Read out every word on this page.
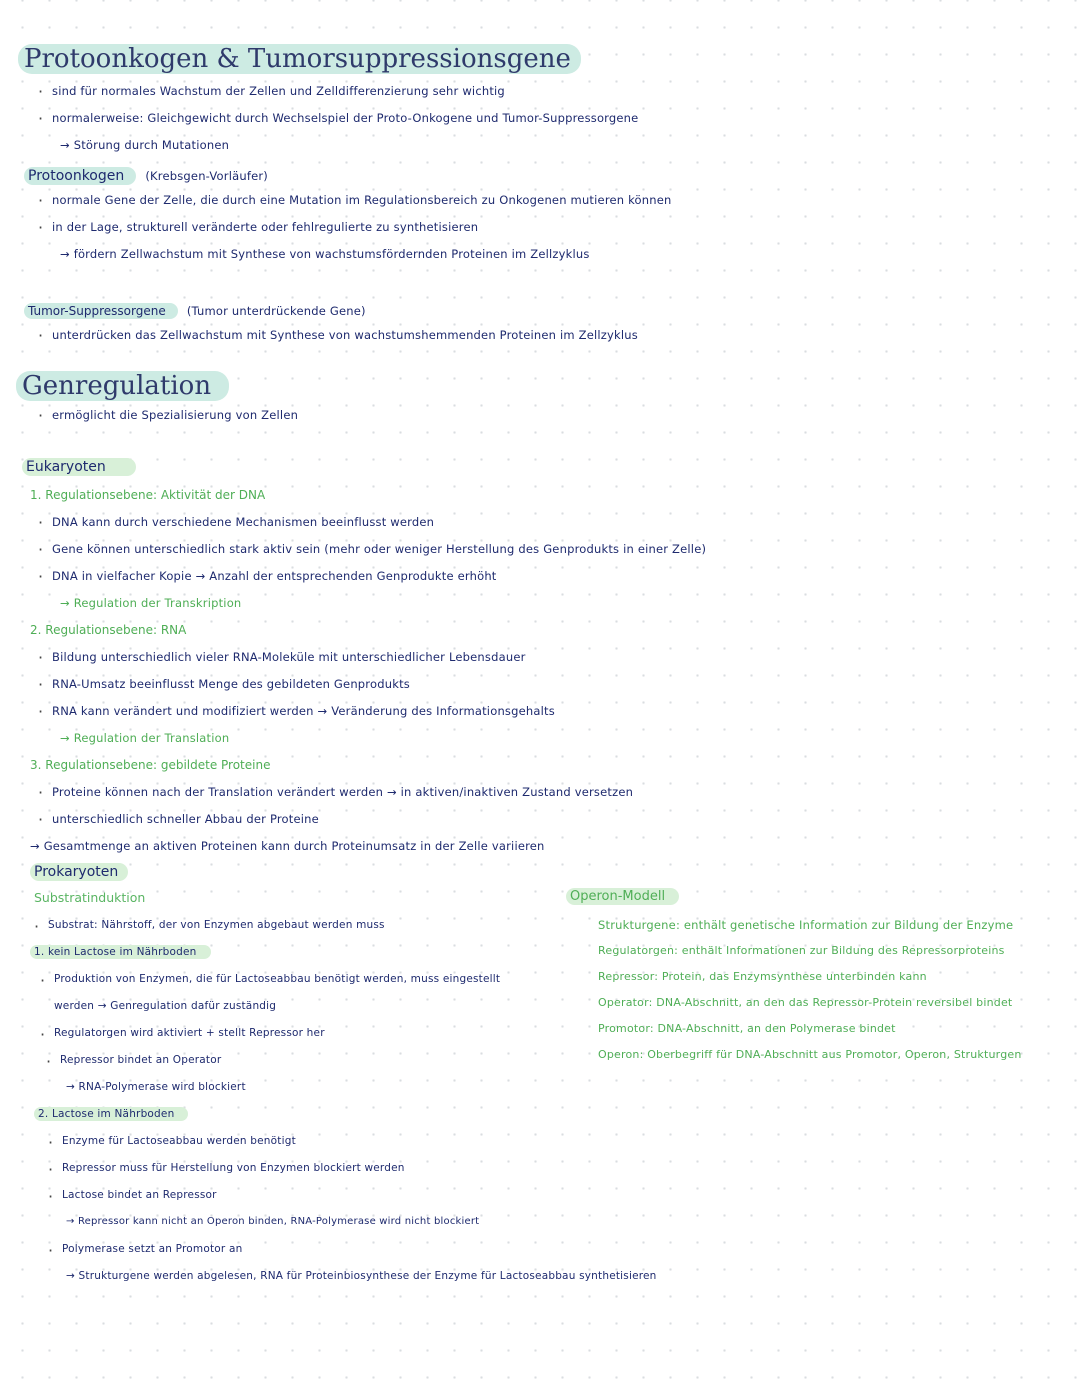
Protoonkogen & Tumorsuppressionsgene
· sind für normales Wachstum der Zellen und Zelldifferenzierung sehr wichtig
· normalerweise: Gleichgewicht durch Wechselspiel der Proto-Onkogene und Tumor-Suppressorgene
→ Störung durch Mutationen
Protoonkogen (Krebsgen-Vorläufer)
· normale Gene der Zelle, die durch eine Mutation im Regulationsbereich zu Onkogenen mutieren können
· in der Lage, strukturell veränderte oder fehlregulierte zu synthetisieren
→ fördern Zellwachstum mit Synthese von wachstumsfördernden Proteinen im Zellzyklus
Tumor-Suppressorgene (Tumor unterdrückende Gene)
· unterdrücken das Zellwachstum mit Synthese von wachstumshemmenden Proteinen im Zellzyklus
Genregulation
· ermöglicht die Spezialisierung von Zellen
Eukaryoten
1. Regulationsebene: Aktivität der DNA
· DNA kann durch verschiedene Mechanismen beeinflusst werden
· Gene können unterschiedlich stark aktiv sein (mehr oder weniger Herstellung des Genprodukts in einer Zelle)
· DNA in vielfacher Kopie → Anzahl der entsprechenden Genprodukte erhöht
→ Regulation der Transkription
2. Regulationsebene: RNA
· Bildung unterschiedlich vieler RNA-Moleküle mit unterschiedlicher Lebensdauer
· RNA-Umsatz beeinflusst Menge des gebildeten Genprodukts
· RNA kann verändert und modifiziert werden → Veränderung des Informationsgehalts
→ Regulation der Translation
3. Regulationsebene: gebildete Proteine
· Proteine können nach der Translation verändert werden → in aktiven/inaktiven Zustand versetzen
· unterschiedlich schneller Abbau der Proteine
→ Gesamtmenge an aktiven Proteinen kann durch Proteinumsatz in der Zelle variieren
Prokaryoten
Substratinduktion
· Substrat: Nährstoff, der von Enzymen abgebaut werden muss
1. kein Lactose im Nährboden
· Produktion von Enzymen, die für Lactoseabbau benötigt werden, muss eingestellt
werden → Genregulation dafür zuständig
· Regulatorgen wird aktiviert + stellt Repressor her
· Repressor bindet an Operator
→ RNA-Polymerase wird blockiert
2. Lactose im Nährboden
· Enzyme für Lactoseabbau werden benötigt
· Repressor muss für Herstellung von Enzymen blockiert werden
· Lactose bindet an Repressor
→ Repressor kann nicht an Operon binden, RNA-Polymerase wird nicht blockiert
· Polymerase setzt an Promotor an
→ Strukturgene werden abgelesen, RNA für Proteinbiosynthese der Enzyme für Lactoseabbau synthetisieren
Operon-Modell
· Strukturgene: enthält genetische Information zur Bildung der Enzyme
· Regulatorgen: enthält Informationen zur Bildung des Repressorproteins
· Repressor: Protein, das Enzymsynthese unterbinden kann
· Operator: DNA-Abschnitt, an den das Repressor-Protein reversibel bindet
· Promotor: DNA-Abschnitt, an den Polymerase bindet
· Operon: Oberbegriff für DNA-Abschnitt aus Promotor, Operon, Strukturgen
